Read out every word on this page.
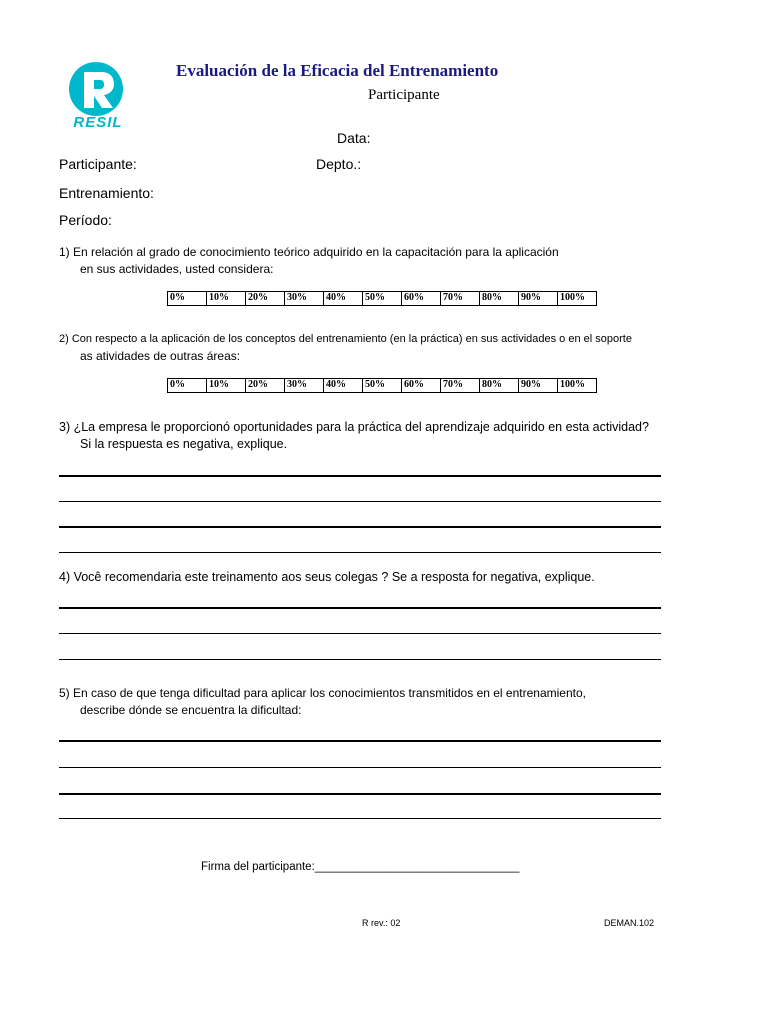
RESIL
Evaluación de la Eficacia del Entrenamiento
Participante
Data:
Participante:	Depto.:
Entrenamiento:
Período:
1) En relación al grado de conocimiento teórico adquirido en la capacitación para la aplicación
en sus actividades, usted considera:
0%	10%	20%	30%	40%	50%	60%	70%	80%	90%	100%
2) Con respecto a la aplicación de los conceptos del entrenamiento (en la práctica) en sus actividades o en el soporte
as atividades de outras áreas:
0%	10%	20%	30%	40%	50%	60%	70%	80%	90%	100%
3) ¿La empresa le proporcionó oportunidades para la práctica del aprendizaje adquirido en esta actividad?
Si la respuesta es negativa, explique.
4) Você recomendaria este treinamento aos seus colegas ? Se a resposta for negativa, explique.
5) En caso de que tenga dificultad para aplicar los conocimientos transmitidos en el entrenamiento,
describe dónde se encuentra la dificultad:
Firma del participante:________________________________
R rev.: 02	DEMAN.102
